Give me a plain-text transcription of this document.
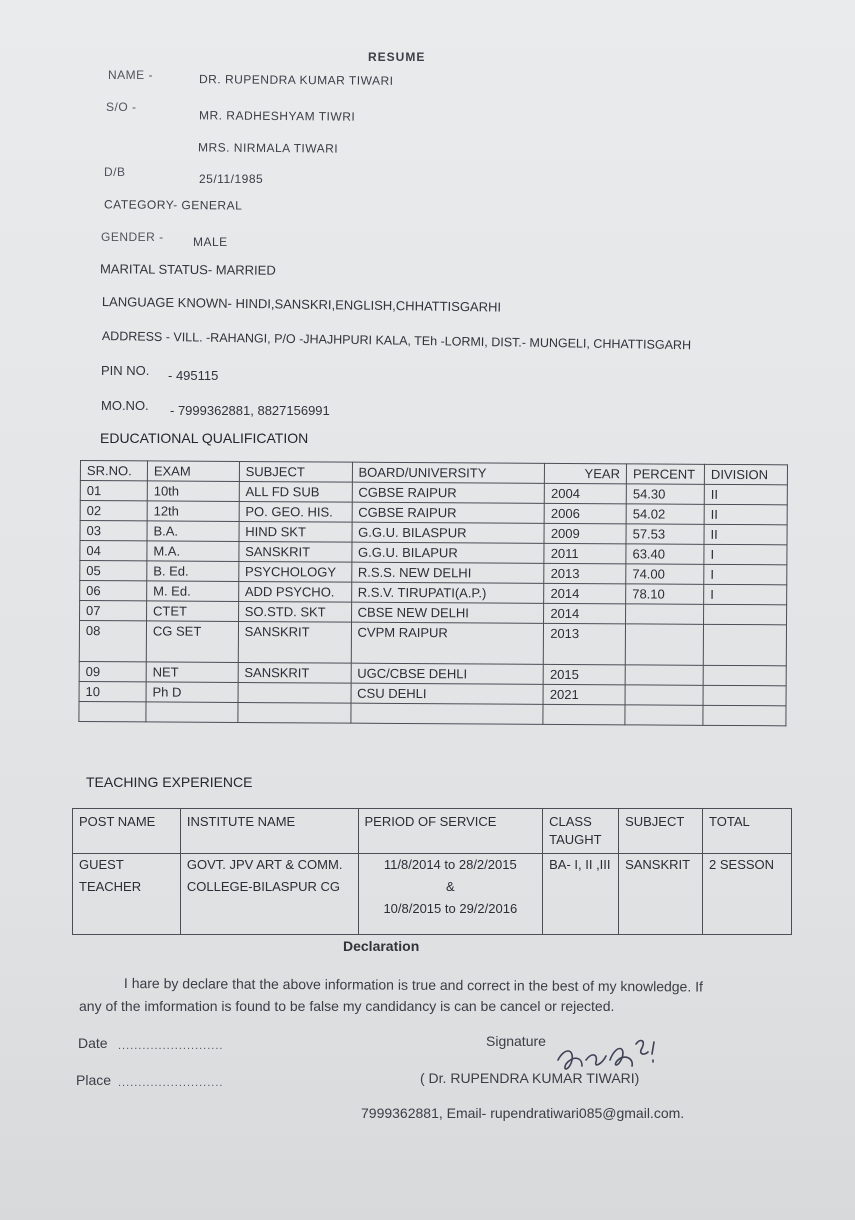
RESUME
NAME -	DR. RUPENDRA KUMAR TIWARI
S/O -
MR. RADHESHYAM TIWRI
MRS. NIRMALA TIWARI
D/B	25/11/1985
CATEGORY- GENERAL
GENDER - MALE
MARITAL STATUS- MARRIED
LANGUAGE KNOWN- HINDI,SANSKRI,ENGLISH,CHHATTISGARHI
ADDRESS - VILL. -RAHANGI, P/O -JHAJHPURI KALA, TEh -LORMI, DIST.- MUNGELI, CHHATTISGARH
PIN NO. - 495115
MO.NO. - 7999362881, 8827156991
EDUCATIONAL QUALIFICATION
SR.NO.	EXAM	SUBJECT	BOARD/UNIVERSITY	YEAR	PERCENT	DIVISION
01	10th	ALL FD SUB	CGBSE RAIPUR	2004	54.30	II
02	12th	PO. GEO. HIS.	CGBSE RAIPUR	2006	54.02	II
03	B.A.	HIND SKT	G.G.U. BILASPUR	2009	57.53	II
04	M.A.	SANSKRIT	G.G.U. BILAPUR	2011	63.40	I
05	B. Ed.	PSYCHOLOGY	R.S.S. NEW DELHI	2013	74.00	I
06	M. Ed.	ADD PSYCHO.	R.S.V. TIRUPATI(A.P.)	2014	78.10	I
07	CTET	SO.STD. SKT	CBSE NEW DELHI	2014		
08	CG SET	SANSKRIT	CVPM RAIPUR	2013		
09	NET	SANSKRIT	UGC/CBSE DEHLI	2015		
10	Ph D		CSU DEHLI	2021		

TEACHING EXPERIENCE
POST NAME	INSTITUTE NAME	PERIOD OF SERVICE	CLASS TAUGHT	SUBJECT	TOTAL
GUEST TEACHER	GOVT. JPV ART & COMM. COLLEGE-BILASPUR CG	11/8/2014 to 28/2/2015
&
10/8/2015 to 29/2/2016	BA- I, II ,III	SANSKRIT	2 SESSON
Declaration
I hare by declare that the above information is true and correct in the best of my knowledge. If
any of the imformation is found to be false my candidancy is can be cancel or rejected.
Date ..........................
Place ..........................
Signature
( Dr. RUPENDRA KUMAR TIWARI)
7999362881, Email- rupendratiwari085@gmail.com.
